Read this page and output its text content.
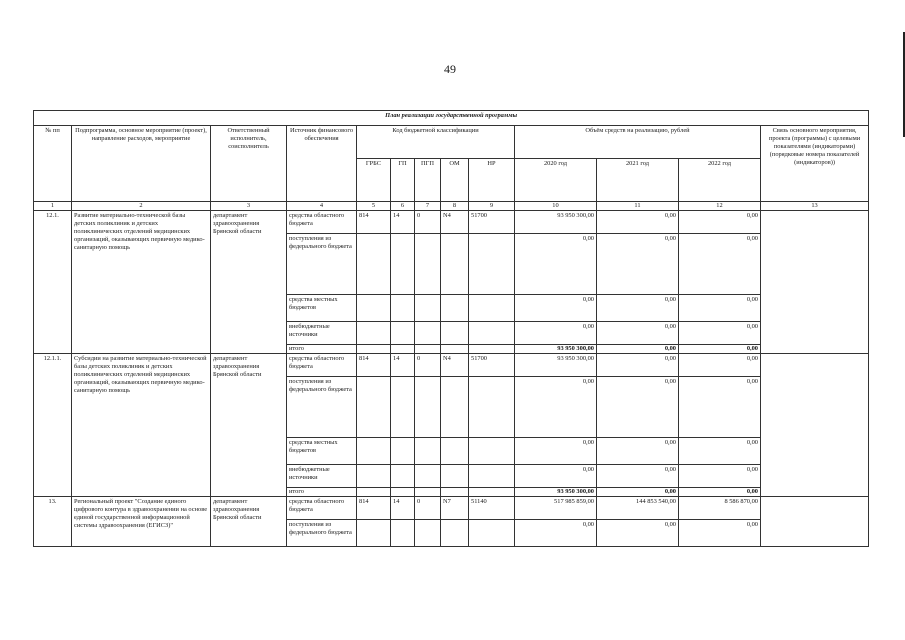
49
План реализации государственной программы												
№ пп	Подпрограмма, основное мероприятие (проект), направление расходов, мероприятие	Ответственный исполнитель, соисполнитель	Источник финансового обеспечения	Код бюджетной классификации					Объём средств на реализацию, рублей			Связь основного мероприятия, проекта (программы) с целевыми показателями (индикаторами) (порядковые номера показателей (индикаторов))
				ГРБС	ГП	ПГП	ОМ	НР	2020 год	2021 год	2022 год	
1	2	3	4	5	6	7	8	9	10	11	12	13
12.1.	Развитие материально-технической базы детских поликлиник и детских поликлинических отделений медицинских организаций, оказывающих первичную медико-санитарную помощь	департамент здравоохранения Брянской области	средства областного бюджета	814	14	0	N4	51700	93 950 300,00	0,00	0,00	
			поступления из федерального бюджета						0,00	0,00	0,00	
			средства местных бюджетов						0,00	0,00	0,00	
			внебюджетные источники						0,00	0,00	0,00	
			итого						93 950 300,00	0,00	0,00	
12.1.1.	Субсидии на развитие материально-технической базы детских поликлиник и детских поликлинических отделений медицинских организаций, оказывающих первичную медико-санитарную помощь	департамент здравоохранения Брянской области	средства областного бюджета	814	14	0	N4	51700	93 950 300,00	0,00	0,00	
			поступления из федерального бюджета						0,00	0,00	0,00	
			средства местных бюджетов						0,00	0,00	0,00	
			внебюджетные источники						0,00	0,00	0,00	
			итого						93 950 300,00	0,00	0,00	
13.	Региональный проект "Создание единого цифрового контура в здравоохранении на основе единой государственной информационной системы здравоохранения (ЕГИСЗ)"	департамент здравоохранения Брянской области	средства областного бюджета	814	14	0	N7	51140	517 985 859,00	144 853 540,00	8 586 870,00	
			поступления из федерального бюджета						0,00	0,00	0,00	
